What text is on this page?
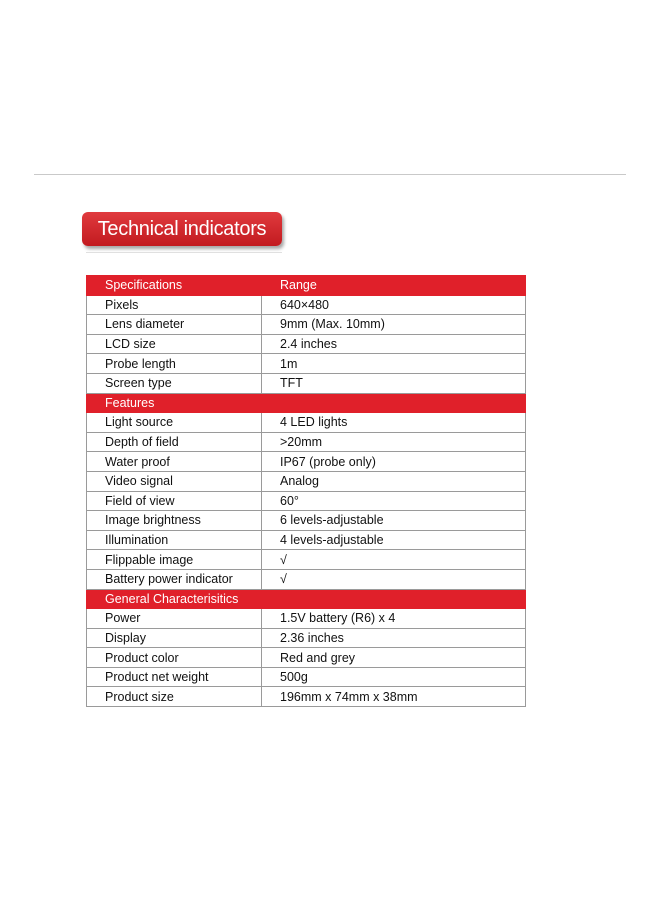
Technical indicators
Specifications	Range
Pixels	640×480
Lens diameter	9mm (Max. 10mm)
LCD size	2.4 inches
Probe length	1m
Screen type	TFT
Features	
Light source	4 LED lights
Depth of field	>20mm
Water proof	IP67 (probe only)
Video signal	Analog
Field of view	60°
Image brightness	6 levels-adjustable
Illumination	4 levels-adjustable
Flippable image	√
Battery power indicator	√
General Characterisitics	
Power	1.5V battery (R6) x 4
Display	2.36 inches
Product color	Red and grey
Product net weight	500g
Product size	196mm x 74mm x 38mm
